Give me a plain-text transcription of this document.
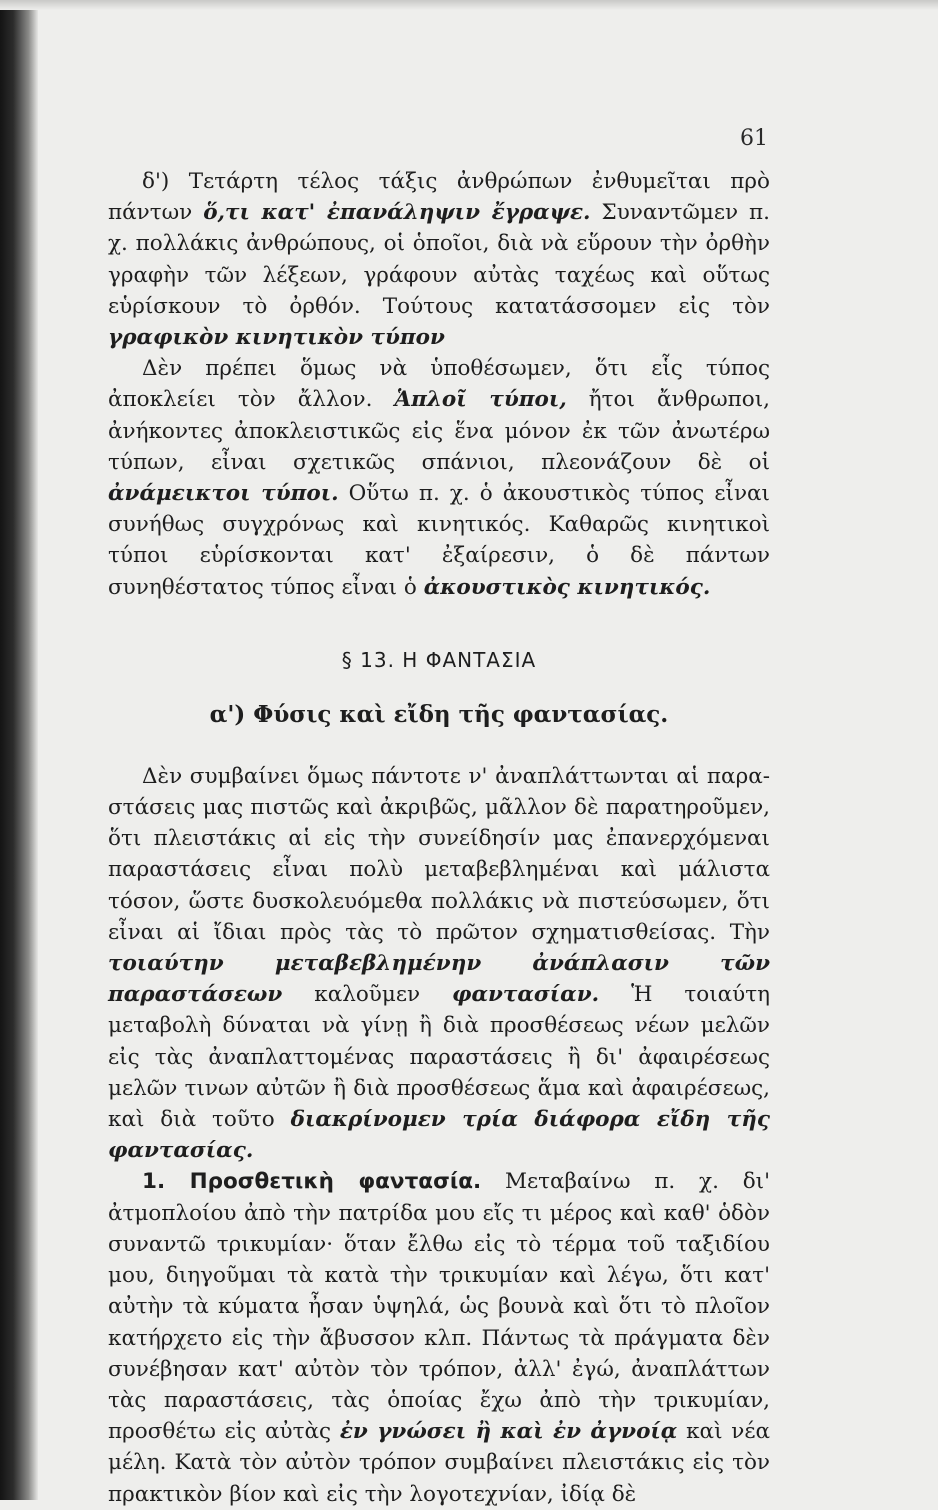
61

δ') Τετάρτη τέλος τάξις ἀνθρώπων ἐνθυμεῖται πρὸ πάντων ὅ,τι κατ' ἐπανάληψιν ἔγραψε. Συναντῶμεν π. χ. πολλάκις ἀνθρώπους, οἱ ὁποῖοι, διὰ νὰ εὕρουν τὴν ὀρθὴν γραφὴν τῶν λέξεων, γράφουν αὐτὰς ταχέως καὶ οὕτως εὑρίσκουν τὸ ὀρθόν. Τούτους κατατάσσομεν εἰς τὸν γραφικὸν κινητικὸν τύπον

Δὲν πρέπει ὅμως νὰ ὑποθέσωμεν, ὅτι εἷς τύπος ἀποκλείει τὸν ἄλλον. Ἁπλοῖ τύποι, ἤτοι ἄνθρωποι, ἀνήκοντες ἀποκλειστικῶς εἰς ἕνα μόνον ἐκ τῶν ἀνωτέρω τύπων, εἶναι σχετικῶς σπάνιοι, πλεονάζουν δὲ οἱ ἀνάμεικτοι τύποι. Οὕτω π. χ. ὁ ἀκουστικὸς τύπος εἶναι συνήθως συγχρόνως καὶ κινητικός. Καθαρῶς κινητικοὶ τύποι εὑρίσκονται κατ' ἐξαίρεσιν, ὁ δὲ πάντων συνηθέστατος τύπος εἶναι ὁ ἀκουστικὸς κινητικός.

§ 13. Η ΦΑΝΤΑΣΙΑ
α') Φύσις καὶ εἴδη τῆς φαντασίας.

Δὲν συμβαίνει ὅμως πάντοτε ν' ἀναπλάττωνται αἱ παραστάσεις μας πιστῶς καὶ ἀκριβῶς, μᾶλλον δὲ παρατηροῦμεν, ὅτι πλειστάκις αἱ εἰς τὴν συνείδησίν μας ἐπανερχόμεναι παραστάσεις εἶναι πολὺ μεταβεβλημέναι καὶ μάλιστα τόσον, ὥστε δυσκολευόμεθα πολλάκις νὰ πιστεύσωμεν, ὅτι εἶναι αἱ ἴδιαι πρὸς τὰς τὸ πρῶτον σχηματισθείσας. Τὴν τοιαύτην μεταβεβλημένην ἀνάπλασιν τῶν παραστάσεων καλοῦμεν φαντασίαν. Ἡ τοιαύτη μεταβολὴ δύναται νὰ γίνῃ ἢ διὰ προσθέσεως νέων μελῶν εἰς τὰς ἀναπλαττομένας παραστάσεις ἢ δι' ἀφαιρέσεως μελῶν τινων αὐτῶν ἢ διὰ προσθέσεως ἅμα καὶ ἀφαιρέσεως, καὶ διὰ τοῦτο διακρίνομεν τρία διάφορα εἴδη τῆς φαντασίας.

1. Προσθετικὴ φαντασία. Μεταβαίνω π. χ. δι' ἀτμοπλοίου ἀπὸ τὴν πατρίδα μου εἴς τι μέρος καὶ καθ' ὁδὸν συναντῶ τρικυμίαν· ὅταν ἔλθω εἰς τὸ τέρμα τοῦ ταξιδίου μου, διηγοῦμαι τὰ κατὰ τὴν τρικυμίαν καὶ λέγω, ὅτι κατ' αὐτὴν τὰ κύματα ἦσαν ὑψηλά, ὡς βουνὰ καὶ ὅτι τὸ πλοῖον κατήρχετο εἰς τὴν ἄβυσσον κλπ. Πάντως τὰ πράγματα δὲν συνέβησαν κατ' αὐτὸν τὸν τρόπον, ἀλλ' ἐγώ, ἀναπλάττων τὰς παραστάσεις, τὰς ὁποίας ἔχω ἀπὸ τὴν τρικυμίαν, προσθέτω εἰς αὐτὰς ἐν γνώσει ἢ καὶ ἐν ἀγνοίᾳ καὶ νέα μέλη. Κατὰ τὸν αὐτὸν τρόπον συμβαίνει πλειστάκις εἰς τὸν πρακτικὸν βίον καὶ εἰς τὴν λογοτεχνίαν, ἰδίᾳ δὲ
